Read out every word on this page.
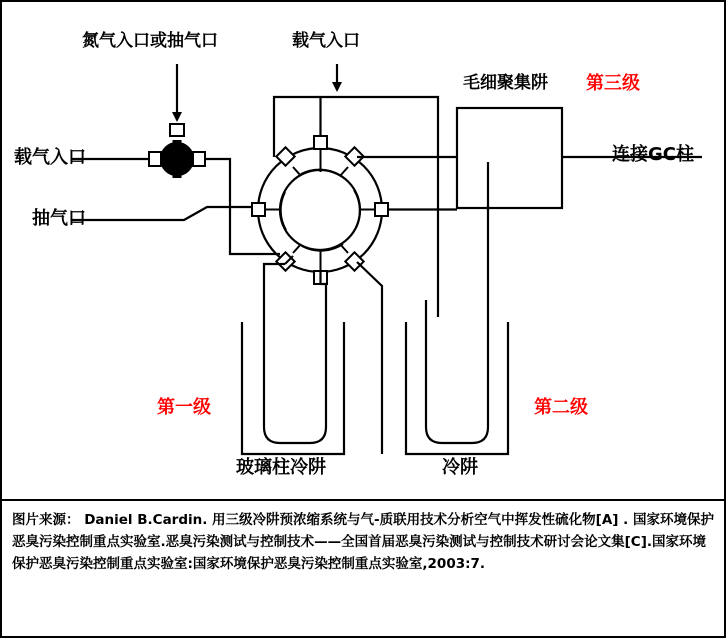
氮气入口或抽气口	载气入口
载气入口
抽气口
毛细聚集阱 第三级
连接GC柱
第一级	第二级
玻璃柱冷阱	冷阱
图片来源： Daniel B.Cardin. 用三级冷阱预浓缩系统与气-质联用技术分析空气中挥发性硫化物[A] . 国家环境保护恶臭污染控制重点实验室.恶臭污染测试与控制技术——全国首届恶臭污染测试与控制技术研讨会论文集[C].国家环境保护恶臭污染控制重点实验室:国家环境保护恶臭污染控制重点实验室,2003:7.
